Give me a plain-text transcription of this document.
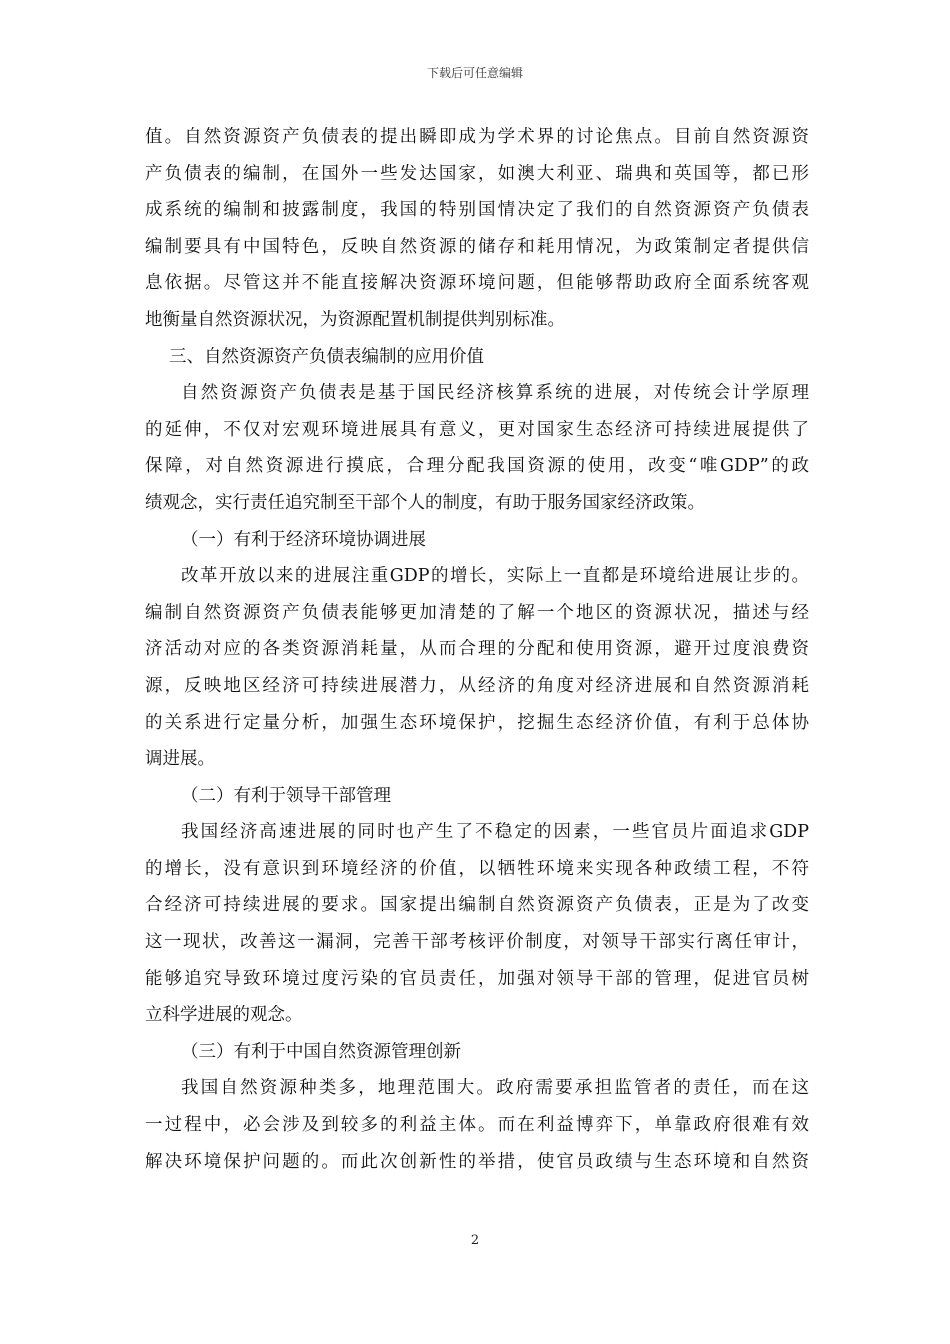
下载后可任意编辑
值。自然资源资产负债表的提出瞬即成为学术界的讨论焦点。目前自然资源资
产负债表的编制，在国外一些发达国家，如澳大利亚、瑞典和英国等，都已形
成系统的编制和披露制度，我国的特别国情决定了我们的自然资源资产负债表
编制要具有中国特色，反映自然资源的储存和耗用情况，为政策制定者提供信
息依据。尽管这并不能直接解决资源环境问题，但能够帮助政府全面系统客观
地衡量自然资源状况，为资源配置机制提供判别标准。
三、自然资源资产负债表编制的应用价值
自然资源资产负债表是基于国民经济核算系统的进展，对传统会计学原理
的延伸，不仅对宏观环境进展具有意义，更对国家生态经济可持续进展提供了
保障，对自然资源进行摸底，合理分配我国资源的使用，改变“唯GDP”的政
绩观念，实行责任追究制至干部个人的制度，有助于服务国家经济政策。
（一）有利于经济环境协调进展
改革开放以来的进展注重GDP的增长，实际上一直都是环境给进展让步的。
编制自然资源资产负债表能够更加清楚的了解一个地区的资源状况，描述与经
济活动对应的各类资源消耗量，从而合理的分配和使用资源，避开过度浪费资
源，反映地区经济可持续进展潜力，从经济的角度对经济进展和自然资源消耗
的关系进行定量分析，加强生态环境保护，挖掘生态经济价值，有利于总体协
调进展。
（二）有利于领导干部管理
我国经济高速进展的同时也产生了不稳定的因素，一些官员片面追求GDP
的增长，没有意识到环境经济的价值，以牺牲环境来实现各种政绩工程，不符
合经济可持续进展的要求。国家提出编制自然资源资产负债表，正是为了改变
这一现状，改善这一漏洞，完善干部考核评价制度，对领导干部实行离任审计，
能够追究导致环境过度污染的官员责任，加强对领导干部的管理，促进官员树
立科学进展的观念。
（三）有利于中国自然资源管理创新
我国自然资源种类多，地理范围大。政府需要承担监管者的责任，而在这
一过程中，必会涉及到较多的利益主体。而在利益博弈下，单靠政府很难有效
解决环境保护问题的。而此次创新性的举措，使官员政绩与生态环境和自然资
2
